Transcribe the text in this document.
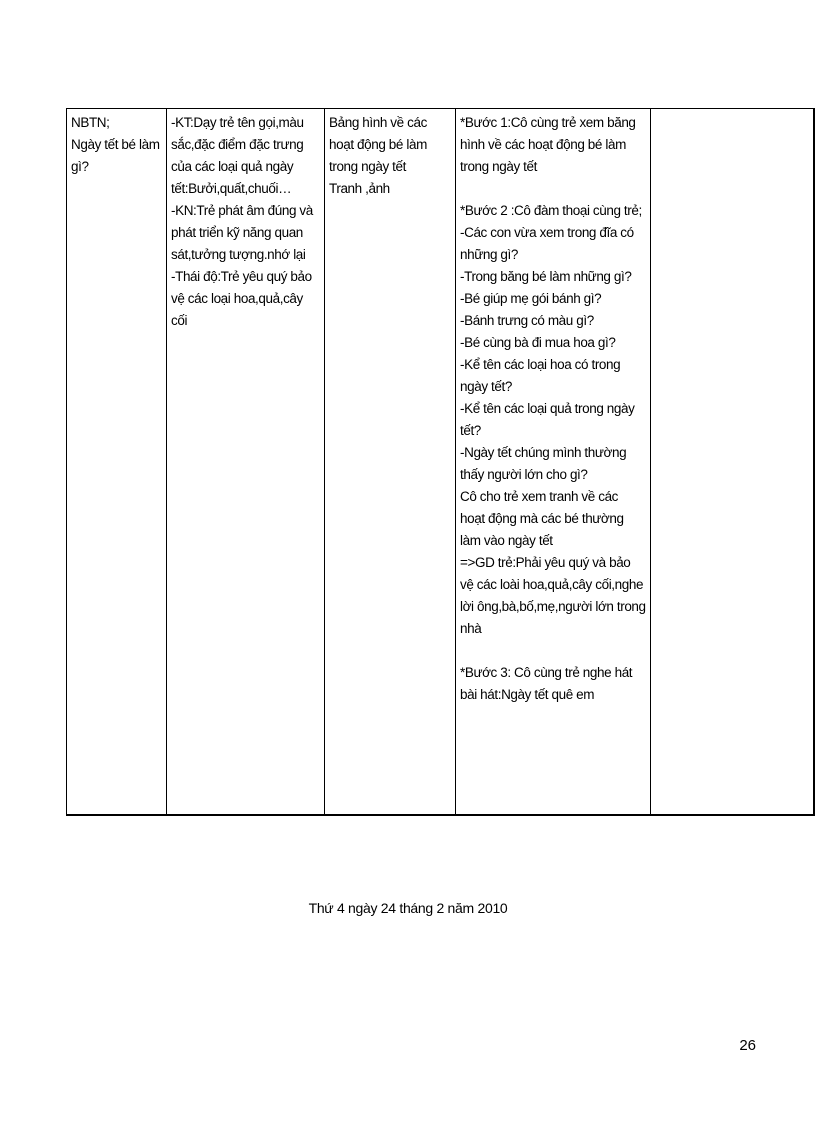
NBTN;
Ngày tết bé làm gì?	-KT:Dạy trẻ tên gọi,màu sắc,đặc điểm đặc trưng của các loại quả ngày tết:Bưởi,quất,chuối…
-KN:Trẻ phát âm đúng và phát triển kỹ năng quan sát,tưởng tượng.nhớ lại
-Thái độ:Trẻ yêu quý bảo vệ các loại hoa,quả,cây cối	Bảng hình về các hoạt động bé làm trong ngày tết
Tranh ,ảnh	*Bước 1:Cô cùng trẻ xem băng hình về các hoạt động bé làm trong ngày tết

*Bước 2 :Cô đàm thoại cùng trẻ;
-Các con vừa xem trong đĩa có những gì?
-Trong băng bé làm những gì?
-Bé giúp mẹ gói bánh gì?
-Bánh trưng có màu gì?
-Bé cùng bà đi mua hoa gì?
-Kể tên các loại hoa có trong ngày tết?
-Kể tên các loại quả trong ngày tết?
-Ngày tết chúng mình thường thấy người lớn cho gì?
Cô cho trẻ xem tranh về các hoạt động mà các bé thường làm vào ngày tết
=>GD trẻ:Phải yêu quý và bảo vệ các loài hoa,quả,cây cối,nghe lời ông,bà,bố,mẹ,người lớn trong nhà

*Bước 3: Cô cùng trẻ nghe hát bài hát:Ngày tết quê em	
Thứ 4 ngày 24 tháng 2 năm 2010
26
